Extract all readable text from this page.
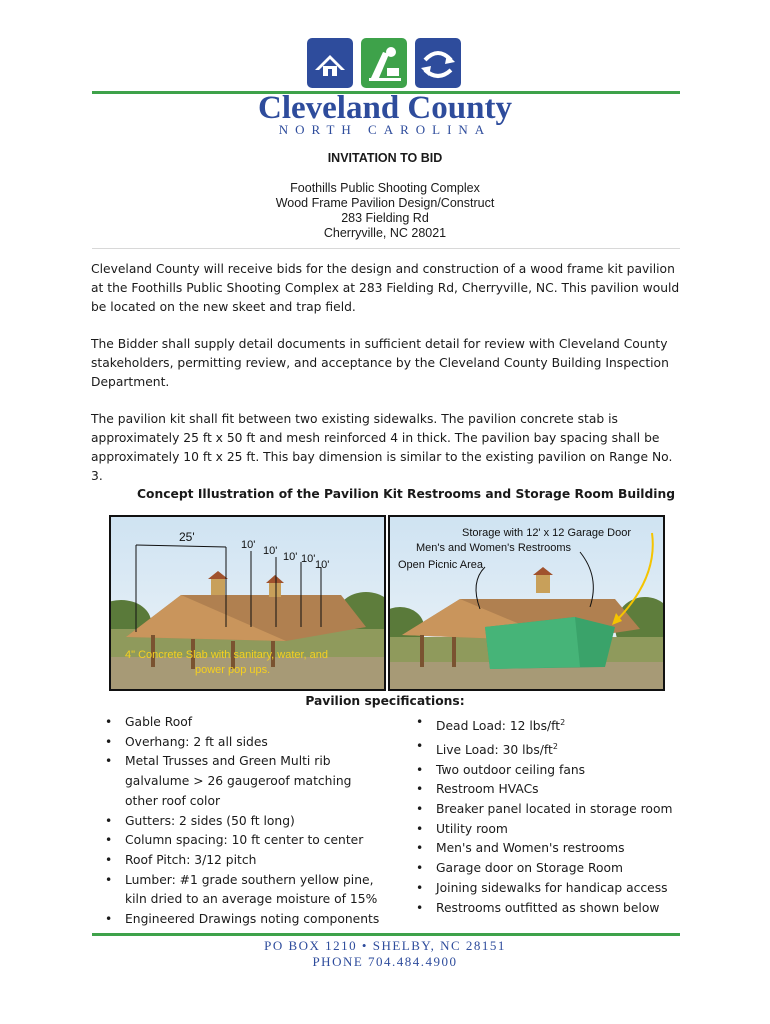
Cleveland County
NORTH CAROLINA
INVITATION TO BID
Foothills Public Shooting Complex
Wood Frame Pavilion Design/Construct
283 Fielding Rd
Cherryville, NC 28021
Cleveland County will receive bids for the design and construction of a wood frame kit pavilion at the Foothills Public Shooting Complex at 283 Fielding Rd, Cherryville, NC. This pavilion would be located on the new skeet and trap field.
The Bidder shall supply detail documents in sufficient detail for review with Cleveland County stakeholders, permitting review, and acceptance by the Cleveland County Building Inspection Department.
The pavilion kit shall fit between two existing sidewalks. The pavilion concrete stab is approximately 25 ft x 50 ft and mesh reinforced 4 in thick. The pavilion bay spacing shall be approximately 10 ft x 25 ft. This bay dimension is similar to the existing pavilion on Range No. 3.
Concept Illustration of the Pavilion Kit Restrooms and Storage Room Building
25'
10' 10' 10' 10' 10'
4" Concrete Slab with sanitary, water, and
power pop ups.
Storage with 12' x 12 Garage Door
Men's and Women's Restrooms
Open Picnic Area
Pavilion specifications:
• Gable Roof
• Overhang: 2 ft all sides
• Metal Trusses and Green Multi rib galvalume > 26 gaugeroof matching other roof color
• Gutters: 2 sides (50 ft long)
• Column spacing: 10 ft center to center
• Roof Pitch: 3/12 pitch
• Lumber: #1 grade southern yellow pine, kiln dried to an average moisture of 15%
• Engineered Drawings noting components
• Dead Load: 12 lbs/$ft^2$
• Live Load: 30 lbs/$ft^2$
• Two outdoor ceiling fans
• Restroom HVACs
• Breaker panel located in storage room
• Utility room
• Men's and Women's restrooms
• Garage door on Storage Room
• Joining sidewalks for handicap access
• Restrooms outfitted as shown below
PO BOX 1210 • SHELBY, NC 28151
PHONE 704.484.4900
